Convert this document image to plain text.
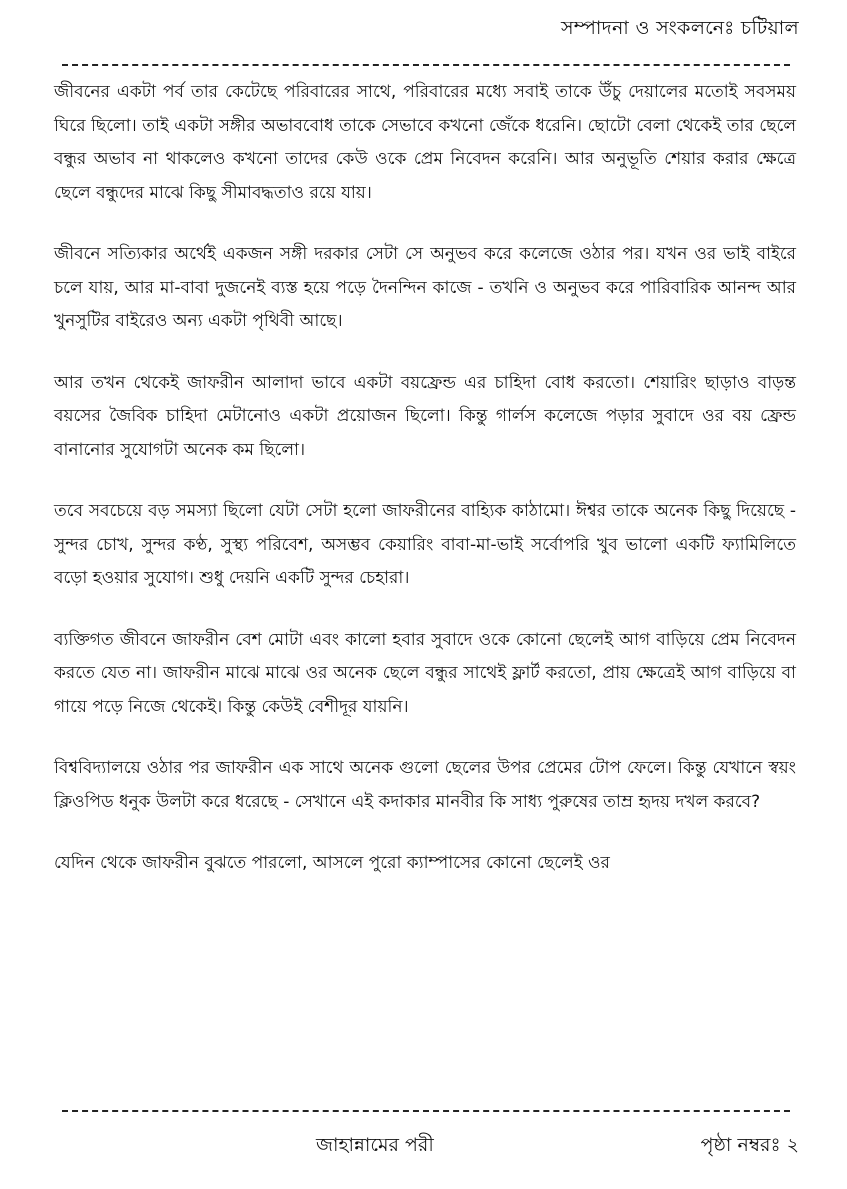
সম্পাদনা ও সংকলনেঃ চটিয়াল

জীবনের একটা পর্ব তার কেটেছে পরিবারের সাথে, পরিবারের মধ্যে সবাই তাকে উঁচু দেয়ালের মতোই সবসময় ঘিরে ছিলো। তাই একটা সঙ্গীর অভাববোধ তাকে সেভাবে কখনো জেঁকে ধরেনি। ছোটো বেলা থেকেই তার ছেলে বন্ধুর অভাব না থাকলেও কখনো তাদের কেউ ওকে প্রেম নিবেদন করেনি। আর অনুভূতি শেয়ার করার ক্ষেত্রে ছেলে বন্ধুদের মাঝে কিছু সীমাবদ্ধতাও রয়ে যায়।

জীবনে সত্যিকার অর্থেই একজন সঙ্গী দরকার সেটা সে অনুভব করে কলেজে ওঠার পর। যখন ওর ভাই বাইরে চলে যায়, আর মা-বাবা দুজনেই ব্যস্ত হয়ে পড়ে দৈনন্দিন কাজে - তখনি ও অনুভব করে পারিবারিক আনন্দ আর খুনসুটির বাইরেও অন্য একটা পৃথিবী আছে।

আর তখন থেকেই জাফরীন আলাদা ভাবে একটা বয়ফ্রেন্ড এর চাহিদা বোধ করতো। শেয়ারিং ছাড়াও বাড়ন্ত বয়সের জৈবিক চাহিদা মেটানোও একটা প্রয়োজন ছিলো। কিন্তু গার্লস কলেজে পড়ার সুবাদে ওর বয় ফ্রেন্ড বানানোর সুযোগটা অনেক কম ছিলো।

তবে সবচেয়ে বড় সমস্যা ছিলো যেটা সেটা হলো জাফরীনের বাহ্যিক কাঠামো। ঈশ্বর তাকে অনেক কিছু দিয়েছে - সুন্দর চোখ, সুন্দর কণ্ঠ, সুস্থ্য পরিবেশ, অসম্ভব কেয়ারিং বাবা-মা-ভাই সর্বোপরি খুব ভালো একটি ফ্যামিলিতে বড়ো হওয়ার সুযোগ। শুধু দেয়নি একটি সুন্দর চেহারা।

ব্যক্তিগত জীবনে জাফরীন বেশ মোটা এবং কালো হবার সুবাদে ওকে কোনো ছেলেই আগ বাড়িয়ে প্রেম নিবেদন করতে যেত না। জাফরীন মাঝে মাঝে ওর অনেক ছেলে বন্ধুর সাথেই ফ্লার্ট করতো, প্রায় ক্ষেত্রেই আগ বাড়িয়ে বা গায়ে পড়ে নিজে থেকেই। কিন্তু কেউই বেশীদূর যায়নি।

বিশ্ববিদ্যালয়ে ওঠার পর জাফরীন এক সাথে অনেক গুলো ছেলের উপর প্রেমের টোপ ফেলে। কিন্তু যেখানে স্বয়ং ক্লিওপিড ধনুক উলটা করে ধরেছে - সেখানে এই কদাকার মানবীর কি সাধ্য পুরুষের তাম্র হৃদয় দখল করবে?

যেদিন থেকে জাফরীন বুঝতে পারলো, আসলে পুরো ক্যাম্পাসের কোনো ছেলেই ওর

জাহান্নামের পরী	পৃষ্ঠা নম্বরঃ ২
